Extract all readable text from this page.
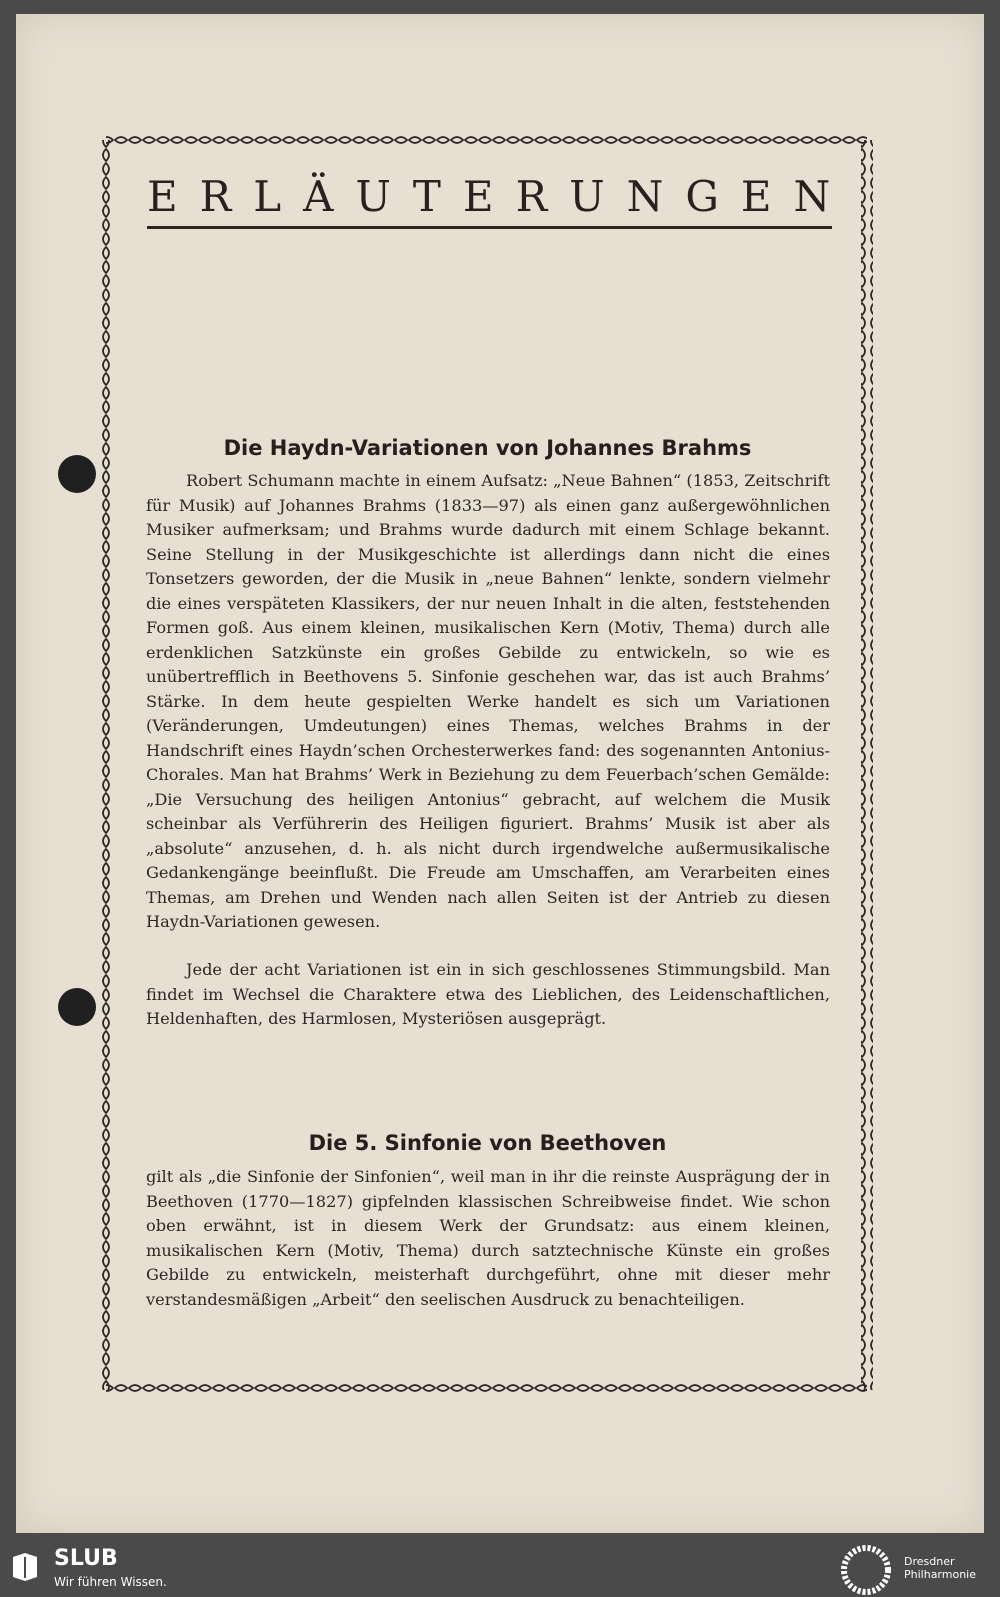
ERLÄUTERUNGEN
Die Haydn-Variationen von Johannes Brahms

Robert Schumann machte in einem Aufsatz: „Neue Bahnen“ (1853, Zeitschrift für Musik) auf Johannes Brahms (1833—97) als einen ganz außergewöhnlichen Musiker aufmerksam; und Brahms wurde dadurch mit einem Schlage bekannt. Seine Stellung in der Musikgeschichte ist allerdings dann nicht die eines Tonsetzers geworden, der die Musik in „neue Bahnen“ lenkte, sondern vielmehr die eines verspäteten Klassikers, der nur neuen Inhalt in die alten, feststehenden Formen goß. Aus einem kleinen, musikalischen Kern (Motiv, Thema) durch alle erdenklichen Satzkünste ein großes Gebilde zu entwickeln, so wie es unübertrefflich in Beethovens 5. Sinfonie geschehen war, das ist auch Brahms’ Stärke. In dem heute gespielten Werke handelt es sich um Variationen (Veränderungen, Umdeutungen) eines Themas, welches Brahms in der Handschrift eines Haydn’schen Orchesterwerkes fand: des sogenannten Antonius-Chorales. Man hat Brahms’ Werk in Beziehung zu dem Feuerbach’schen Gemälde: „Die Versuchung des heiligen Antonius“ gebracht, auf welchem die Musik scheinbar als Verführerin des Heiligen figuriert. Brahms’ Musik ist aber als „absolute“ anzusehen, d. h. als nicht durch irgendwelche außermusikalische Gedankengänge beeinflußt. Die Freude am Umschaffen, am Verarbeiten eines Themas, am Drehen und Wenden nach allen Seiten ist der Antrieb zu diesen Haydn-Variationen gewesen.

Jede der acht Variationen ist ein in sich geschlossenes Stimmungsbild. Man findet im Wechsel die Charaktere etwa des Lieblichen, des Leidenschaftlichen, Heldenhaften, des Harmlosen, Mysteriösen ausgeprägt.

Die 5. Sinfonie von Beethoven

gilt als „die Sinfonie der Sinfonien“, weil man in ihr die reinste Ausprägung der in Beethoven (1770—1827) gipfelnden klassischen Schreibweise findet. Wie schon oben erwähnt, ist in diesem Werk der Grundsatz: aus einem kleinen, musikalischen Kern (Motiv, Thema) durch satztechnische Künste ein großes Gebilde zu entwickeln, meisterhaft durchgeführt, ohne mit dieser mehr verstandesmäßigen „Arbeit“ den seelischen Ausdruck zu benachteiligen.

SLUB
Wir führen Wissen.
Dresdner
Philharmonie
